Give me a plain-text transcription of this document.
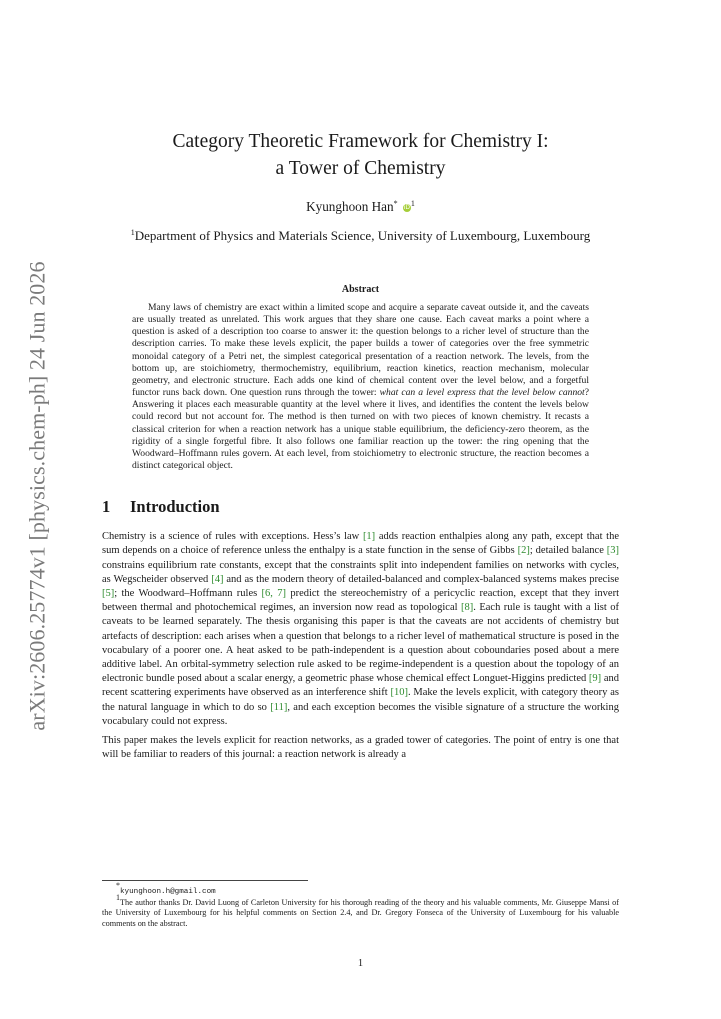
arXiv:2606.25774v1 [physics.chem-ph] 24 Jun 2026
Category Theoretic Framework for Chemistry I:
a Tower of Chemistry
Kyunghoon Han* $iD^1$
$^1$Department of Physics and Materials Science, University of Luxembourg, Luxembourg
Abstract

Many laws of chemistry are exact within a limited scope and acquire a separate caveat outside it, and the caveats are usually treated as unrelated. This work argues that they share one cause. Each caveat marks a point where a question is asked of a description too coarse to answer it: the question belongs to a richer level of structure than the description carries. To make these levels explicit, the paper builds a tower of categories over the free symmetric monoidal category of a Petri net, the simplest categorical presentation of a reaction network. The levels, from the bottom up, are stoichiometry, thermochemistry, equilibrium, reaction kinetics, reaction mechanism, molecular geometry, and electronic structure. Each adds one kind of chemical content over the level below, and a forgetful functor runs back down. One question runs through the tower: what can a level express that the level below cannot? Answering it places each measurable quantity at the level where it lives, and identifies the content the levels below could record but not account for. The method is then turned on with two pieces of known chemistry. It recasts a classical criterion for when a reaction network has a unique stable equilibrium, the deficiency-zero theorem, as the rigidity of a single forgetful fibre. It also follows one familiar reaction up the tower: the ring opening that the Woodward–Hoffmann rules govern. At each level, from stoichiometry to electronic structure, the reaction becomes a distinct categorical object.

1 Introduction

Chemistry is a science of rules with exceptions. Hess’s law [1] adds reaction enthalpies along any path, except that the sum depends on a choice of reference unless the enthalpy is a state function in the sense of Gibbs [2]; detailed balance [3] constrains equilibrium rate constants, except that the constraints split into independent families on networks with cycles, as Wegscheider observed [4] and as the modern theory of detailed-balanced and complex-balanced systems makes precise [5]; the Woodward–Hoffmann rules [6, 7] predict the stereochemistry of a pericyclic reaction, except that they invert between thermal and photochemical regimes, an inversion now read as topological [8]. Each rule is taught with a list of caveats to be learned separately. The thesis organising this paper is that the caveats are not accidents of chemistry but artefacts of description: each arises when a question that belongs to a richer level of mathematical structure is posed in the vocabulary of a poorer one. A heat asked to be path-independent is a question about coboundaries posed about a mere additive label. An orbital-symmetry selection rule asked to be regime-independent is a question about the topology of an electronic bundle posed about a scalar energy, a geometric phase whose chemical effect Longuet-Higgins predicted [9] and recent scattering experiments have observed as an interference shift [10]. Make the levels explicit, with category theory as the natural language in which to do so [11], and each exception becomes the visible signature of a structure the working vocabulary could not express.

This paper makes the levels explicit for reaction networks, as a graded tower of categories. The point of entry is one that will be familiar to readers of this journal: a reaction network is already a

*kyunghoon.h@gmail.com

$^1$The author thanks Dr. David Luong of Carleton University for his thorough reading of the theory and his valuable comments, Mr. Giuseppe Mansi of the University of Luxembourg for his helpful comments on Section 2.4, and Dr. Gregory Fonseca of the University of Luxembourg for his valuable comments on the abstract.

1
